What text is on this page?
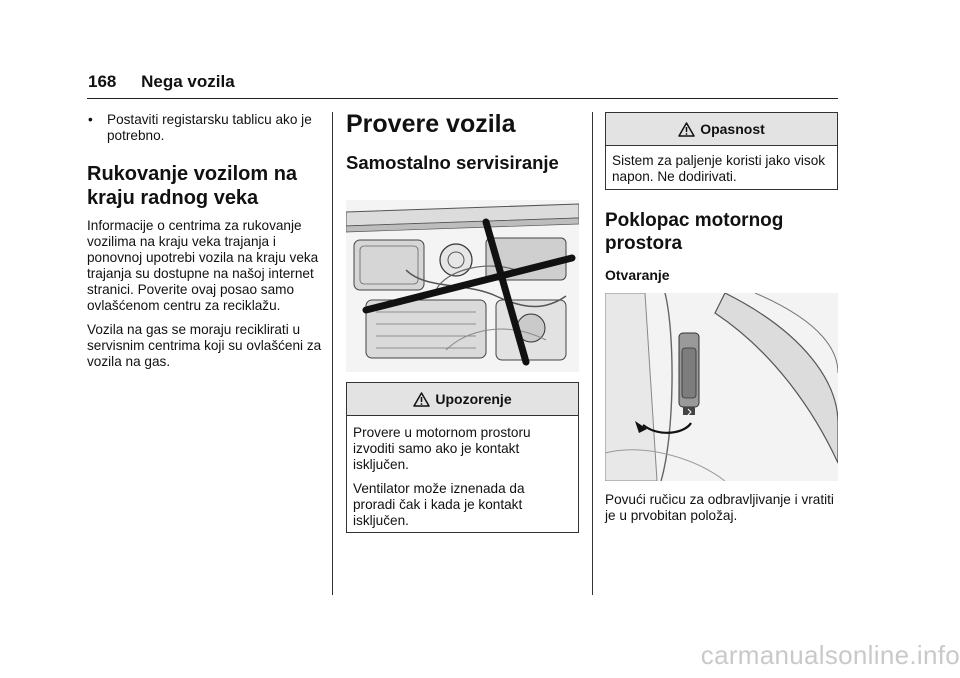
168 Nega vozila
• Postaviti registarsku tablicu ako je potrebno.
Rukovanje vozilom na kraju radnog veka

Informacije o centrima za rukovanje vozilima na kraju veka trajanja i ponovnoj upotrebi vozila na kraju veka trajanja su dostupne na našoj internet stranici. Poverite ovaj posao samo ovlašćenom centru za reciklažu.

Vozila na gas se moraju reciklirati u servisnim centrima koji su ovlašćeni za vozila na gas.

Provere vozila
Samostalno servisiranje
Upozorenje

Provere u motornom prostoru izvoditi samo ako je kontakt isključen.

Ventilator može iznenada da proradi čak i kada je kontakt isključen.

Opasnost

Sistem za paljenje koristi jako visok napon. Ne dodirivati.

Poklopac motornog prostora
Otvaranje
Povući ručicu za odbravljivanje i vratiti je u prvobitan položaj.
carmanualsonline.info
